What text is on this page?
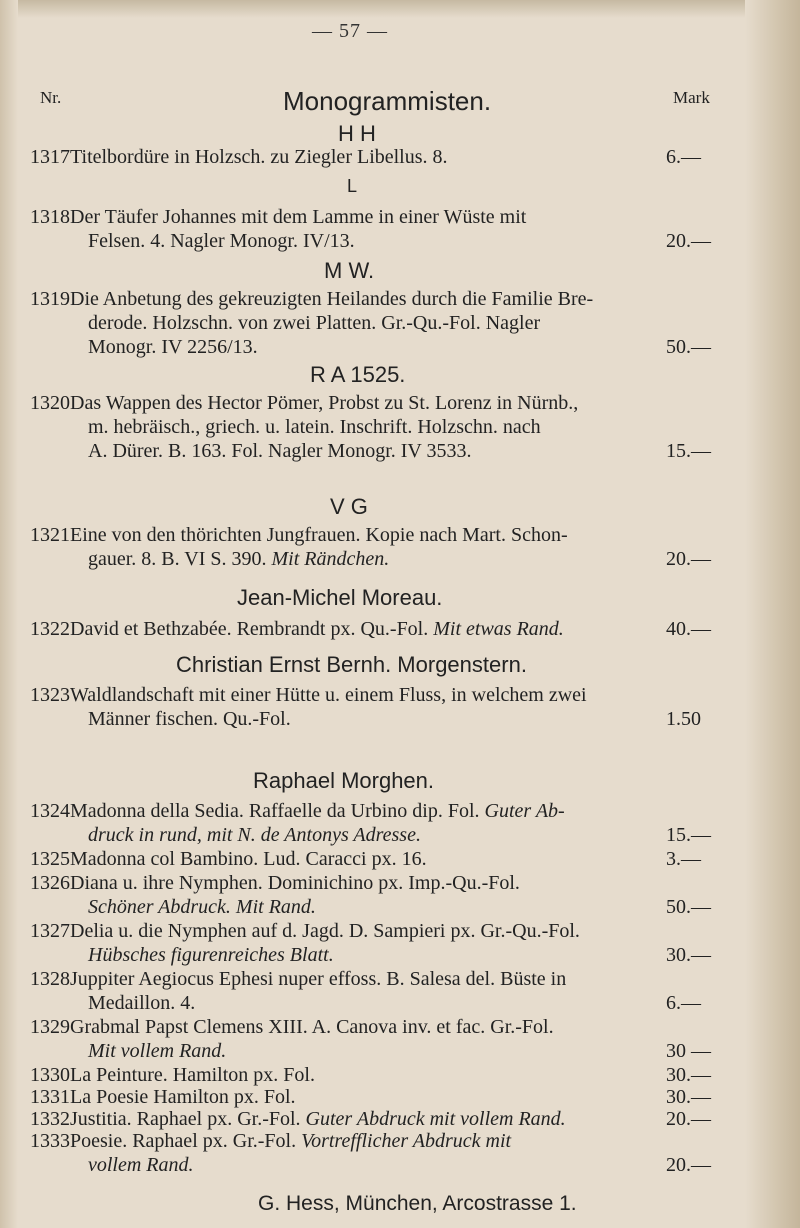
— 57 —
Nr.	Mark
Monogrammisten.
H H
L
M W.
R A 1525.
V G
Jean-Michel Moreau.
Christian Ernst Bernh. Morgenstern.
Raphael Morghen.
1317 Titelbordüre in Holzsch. zu Ziegler Libellus. 8.	6.—
1318 Der Täufer Johannes mit dem Lamme in einer Wüste mit
Felsen. 4. Nagler Monogr. IV/13.	20.—
1319 Die Anbetung des gekreuzigten Heilandes durch die Familie Bre-
derode. Holzschn. von zwei Platten. Gr.-Qu.-Fol. Nagler
Monogr. IV 2256/13.	50.—
1320 Das Wappen des Hector Pömer, Probst zu St. Lorenz in Nürnb.,
m. hebräisch., griech. u. latein. Inschrift. Holzschn. nach
A. Dürer. B. 163. Fol. Nagler Monogr. IV 3533.	15.—
1321 Eine von den thörichten Jungfrauen. Kopie nach Mart. Schon-
gauer. 8. B. VI S. 390. Mit Rändchen.	20.—
1322 David et Bethzabée. Rembrandt px. Qu.-Fol. Mit etwas Rand.	40.—
1323 Waldlandschaft mit einer Hütte u. einem Fluss, in welchem zwei
Männer fischen. Qu.-Fol.	1.50
1324 Madonna della Sedia. Raffaelle da Urbino dip. Fol. Guter Ab-
druck in rund, mit N. de Antonys Adresse.	15.—
1325 Madonna col Bambino. Lud. Caracci px. 16.	3.—
1326 Diana u. ihre Nymphen. Dominichino px. Imp.-Qu.-Fol.
Schöner Abdruck. Mit Rand.	50.—
1327 Delia u. die Nymphen auf d. Jagd. D. Sampieri px. Gr.-Qu.-Fol.
Hübsches figurenreiches Blatt.	30.—
1328 Juppiter Aegiocus Ephesi nuper effoss. B. Salesa del. Büste in
Medaillon. 4.	6.—
1329 Grabmal Papst Clemens XIII. A. Canova inv. et fac. Gr.-Fol.
Mit vollem Rand.	30 —
1330 La Peinture. Hamilton px. Fol.	30.—
1331 La Poesie Hamilton px. Fol.	30.—
1332 Justitia. Raphael px. Gr.-Fol. Guter Abdruck mit vollem Rand.	20.—
1333 Poesie. Raphael px. Gr.-Fol. Vortrefflicher Abdruck mit
vollem Rand.	20.—
G. Hess, München, Arcostrasse 1.
